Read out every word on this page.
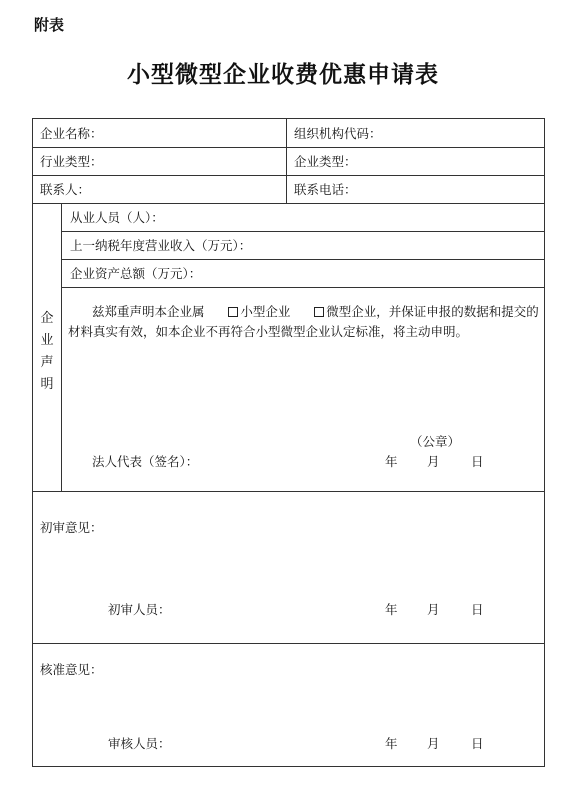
附表
小型微型企业收费优惠申请表
企业名称：	组织机构代码：
行业类型：	企业类型：
联系人：	联系电话：
从业人员（人）：
上一纳税年度营业收入（万元）：
企业资产总额（万元）：
企
业
声
明

兹郑重声明本企业属	小型企业	微型企业，并保证申报的数据和提交的材料真实有效，如本企业不再符合小型微型企业认定标准，将主动申明。

（公章）
法人代表（签名）：	年 月	日
初审意见：
初审人员：	年 月	日
核准意见：
审核人员：	年 月	日
